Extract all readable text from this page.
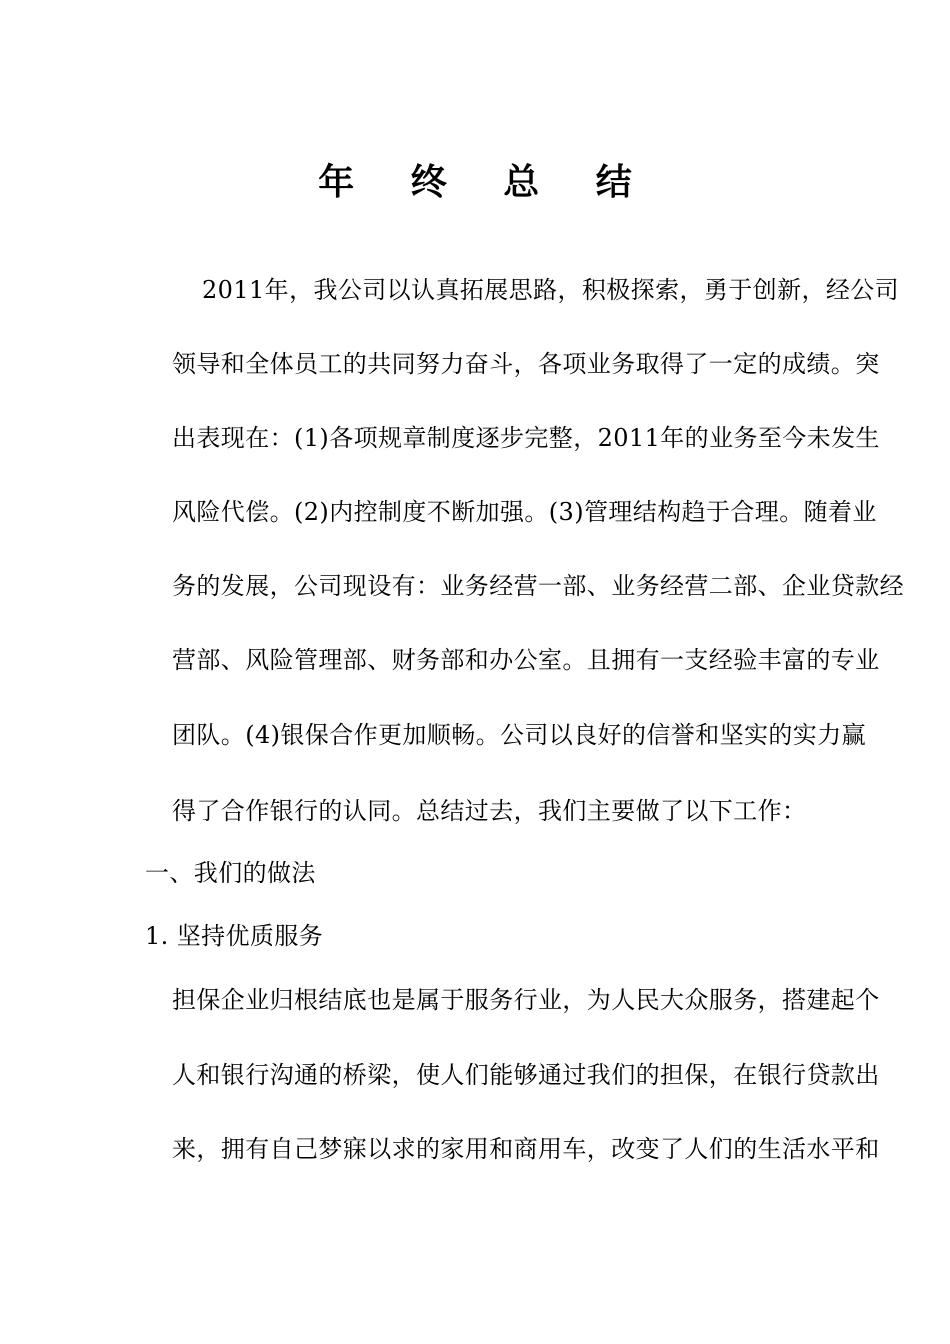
年 终 总 结
2011年，我公司以认真拓展思路，积极探索，勇于创新，经公司
领导和全体员工的共同努力奋斗，各项业务取得了一定的成绩。突
出表现在：(1)各项规章制度逐步完整，2011年的业务至今未发生
风险代偿。(2)内控制度不断加强。(3)管理结构趋于合理。随着业
务的发展，公司现设有：业务经营一部、业务经营二部、企业贷款经
营部、风险管理部、财务部和办公室。且拥有一支经验丰富的专业
团队。(4)银保合作更加顺畅。公司以良好的信誉和坚实的实力赢
得了合作银行的认同。总结过去，我们主要做了以下工作：
一、我们的做法
1. 坚持优质服务
担保企业归根结底也是属于服务行业，为人民大众服务，搭建起个
人和银行沟通的桥梁，使人们能够通过我们的担保，在银行贷款出
来，拥有自己梦寐以求的家用和商用车，改变了人们的生活水平和
